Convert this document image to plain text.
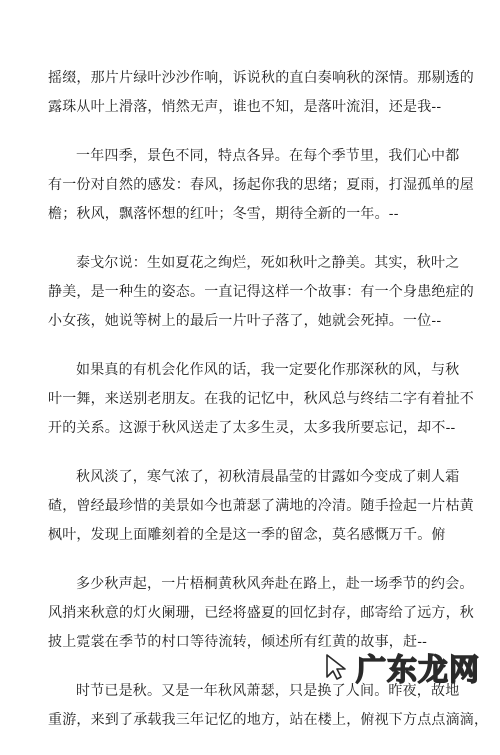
摇缀，那片片绿叶沙沙作响，诉说秋的直白奏响秋的深情。那剔透的
露珠从叶上滑落，悄然无声，谁也不知，是落叶流泪，还是我--
一年四季，景色不同，特点各异。在每个季节里，我们心中都
有一份对自然的感发：春风，扬起你我的思绪；夏雨，打湿孤单的屋
檐；秋风，飘落怀想的红叶；冬雪，期待全新的一年。--
泰戈尔说：生如夏花之绚烂，死如秋叶之静美。其实，秋叶之
静美，是一种生的姿态。一直记得这样一个故事：有一个身患绝症的
小女孩，她说等树上的最后一片叶子落了，她就会死掉。一位--
如果真的有机会化作风的话，我一定要化作那深秋的风，与秋
叶一舞，来送别老朋友。在我的记忆中，秋风总与终结二字有着扯不
开的关系。这源于秋风送走了太多生灵，太多我所要忘记，却不--
秋风淡了，寒气浓了，初秋清晨晶莹的甘露如今变成了刺人霜
碴，曾经最珍惜的美景如今也萧瑟了满地的冷清。随手捡起一片枯黄
枫叶，发现上面雕刻着的全是这一季的留念，莫名感慨万千。俯
多少秋声起，一片梧桐黄秋风奔赴在路上，赴一场季节的约会。
风捎来秋意的灯火阑珊，已经将盛夏的回忆封存，邮寄给了远方，秋
披上霓裳在季节的村口等待流转，倾述所有红黄的故事，赶--
时节已是秋。又是一年秋风萧瑟，只是换了人间。昨夜，故地
重游，来到了承载我三年记忆的地方，站在楼上，俯视下方点点滴滴，
广东龙网
